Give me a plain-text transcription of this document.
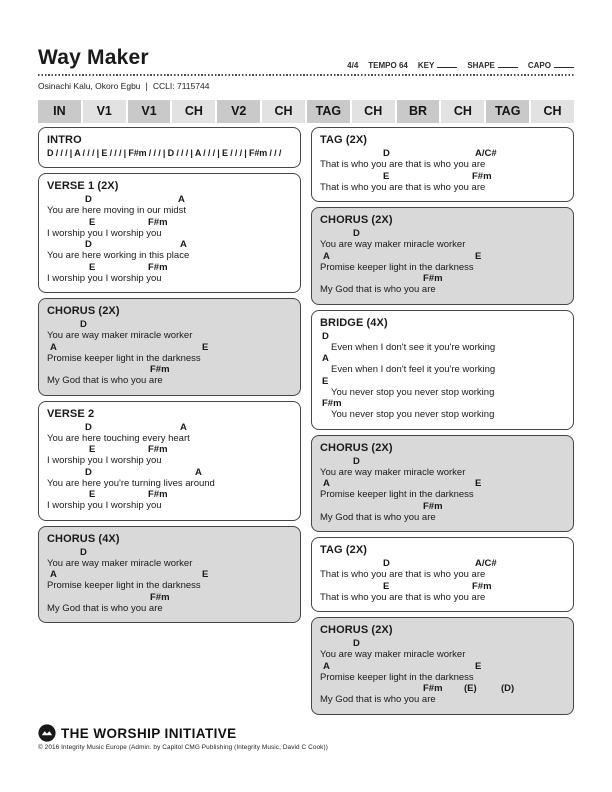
Way Maker	4/4 TEMPO 64 KEY	SHAPE	CAPO
Osinachi Kalu, Okoro Egbu | CCLI: 7115744
IN	V1	V1	CH	V2	CH	TAG	CH	BR	CH	TAG	CH
INTRO
D / / / | A / / / | E / / / | F#m / / / | D / / / | A / / / | E / / / | F#m / / /
VERSE 1 (2X)
D	A
You are here moving in our midst
E	F#m
I worship you I worship you
D	A
You are here working in this place
E	F#m
I worship you I worship you
CHORUS (2X)
D
You are way maker miracle worker
A	E
Promise keeper light in the darkness
F#m
My God that is who you are
VERSE 2
D	A
You are here touching every heart
E	F#m
I worship you I worship you
D	A
You are here you're turning lives around
E	F#m
I worship you I worship you
CHORUS (4X)
D
You are way maker miracle worker
A	E
Promise keeper light in the darkness
F#m
My God that is who you are
TAG (2X)
D	A/C#
That is who you are that is who you are
E	F#m
That is who you are that is who you are
CHORUS (2X)
D
You are way maker miracle worker
A	E
Promise keeper light in the darkness
F#m
My God that is who you are
BRIDGE (4X)
D
Even when I don't see it you're working
A
Even when I don't feel it you're working
E
You never stop you never stop working
F#m
You never stop you never stop working
CHORUS (2X)
D
You are way maker miracle worker
A	E
Promise keeper light in the darkness
F#m
My God that is who you are
TAG (2X)
D	A/C#
That is who you are that is who you are
E	F#m
That is who you are that is who you are
CHORUS (2X)
D
You are way maker miracle worker
A	E
Promise keeper light in the darkness
F#m (E)	(D)
My God that is who you are
THE WORSHIP INITIATIVE
© 2016 Integrity Music Europe (Admin. by Capitol CMG Publishing (Integrity Music, David C Cook))
